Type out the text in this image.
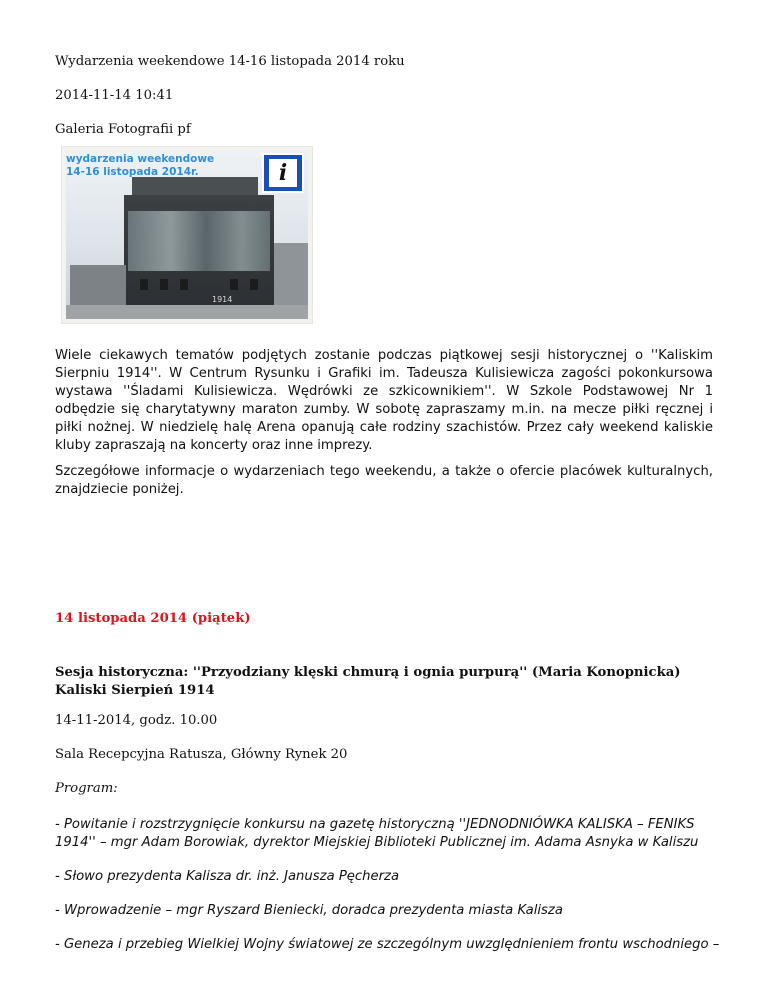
Wydarzenia weekendowe 14-16 listopada 2014 roku

2014-11-14 10:41

Galeria Fotografii pf

wydarzenia weekendowe
14-16 listopada 2014r.	i
1914

Wiele ciekawych tematów podjętych zostanie podczas piątkowej sesji historycznej o ''Kaliskim Sierpniu 1914''. W Centrum Rysunku i Grafiki im. Tadeusza Kulisiewicza zagości pokonkursowa wystawa ''Śladami Kulisiewicza. Wędrówki ze szkicownikiem''. W Szkole Podstawowej Nr 1 odbędzie się charytatywny maraton zumby. W sobotę zapraszamy m.in. na mecze piłki ręcznej i piłki nożnej. W niedzielę halę Arena opanują całe rodziny szachistów. Przez cały weekend kaliskie kluby zapraszają na koncerty oraz inne imprezy.

Szczegółowe informacje o wydarzeniach tego weekendu, a także o ofercie placówek kulturalnych, znajdziecie poniżej.

14 listopada 2014 (piątek)

Sesja historyczna: ''Przyodziany klęski chmurą i ognia purpurą'' (Maria Konopnicka)

Kaliski Sierpień 1914

14-11-2014, godz. 10.00

Sala Recepcyjna Ratusza, Główny Rynek 20

Program:

- Powitanie i rozstrzygnięcie konkursu na gazetę historyczną ''JEDNODNIÓWKA KALISKA – FENIKS 1914'' – mgr Adam Borowiak, dyrektor Miejskiej Biblioteki Publicznej im. Adama Asnyka w Kaliszu

- Słowo prezydenta Kalisza dr. inż. Janusza Pęcherza

- Wprowadzenie – mgr Ryszard Bieniecki, doradca prezydenta miasta Kalisza

- Geneza i przebieg Wielkiej Wojny światowej ze szczególnym uwzględnieniem frontu wschodniego –
